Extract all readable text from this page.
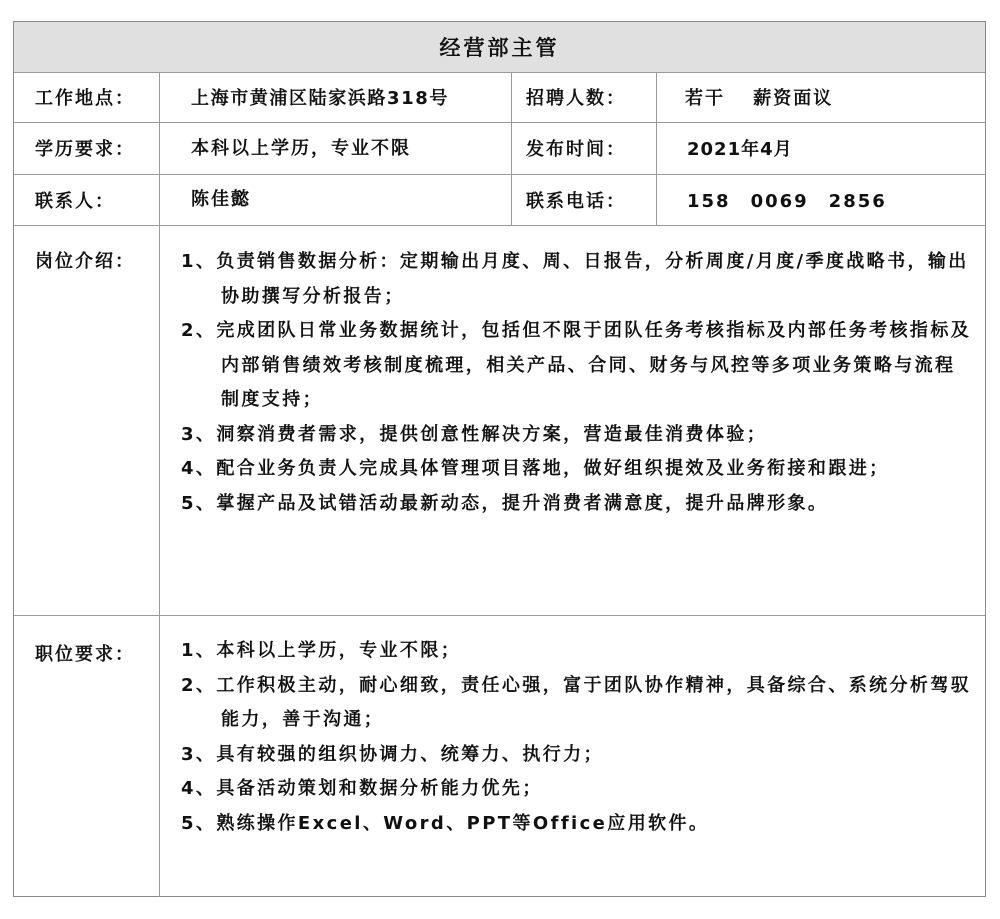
经营部主管
工作地点：	上海市黄浦区陆家浜路318号	招聘人数：	若干　 薪资面议
学历要求：	本科以上学历，专业不限	发布时间：	2021年4月
联系人：	陈佳懿	联系电话：	158　0069　2856
岗位介绍：	1、负责销售数据分析：定期输出月度、周、日报告，分析周度/月度/季度战略书，输出协助撰写分析报告；
2、完成团队日常业务数据统计，包括但不限于团队任务考核指标及内部任务考核指标及内部销售绩效考核制度梳理，相关产品、合同、财务与风控等多项业务策略与流程制度支持；
3、洞察消费者需求，提供创意性解决方案，营造最佳消费体验；
4、配合业务负责人完成具体管理项目落地，做好组织提效及业务衔接和跟进；
5、掌握产品及试错活动最新动态，提升消费者满意度，提升品牌形象。
职位要求：	1、本科以上学历，专业不限；
2、工作积极主动，耐心细致，责任心强，富于团队协作精神，具备综合、系统分析驾驭能力，善于沟通；
3、具有较强的组织协调力、统筹力、执行力；
4、具备活动策划和数据分析能力优先；
5、熟练操作Excel、Word、PPT等Office应用软件。
